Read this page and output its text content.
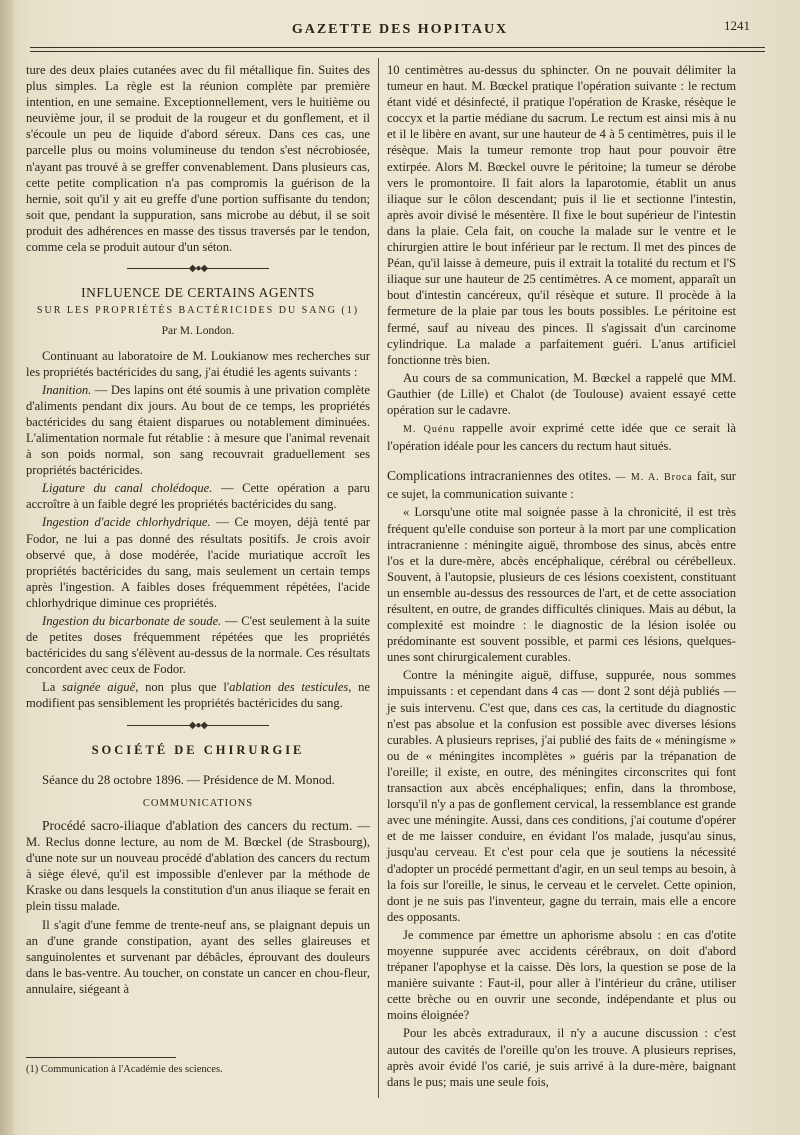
GAZETTE DES HOPITAUX	1241

ture des deux plaies cutanées avec du fil métallique fin. Suites des plus simples. La règle est la réunion complète par première intention, en une semaine. Exceptionnellement, vers le huitième ou neuvième jour, il se produit de la rougeur et du gonflement, et il s'écoule un peu de liquide d'abord séreux. Dans ces cas, une parcelle plus ou moins volumineuse du tendon s'est nécrobiosée, n'ayant pas trouvé à se greffer convenablement. Dans plusieurs cas, cette petite complication n'a pas compromis la guérison de la hernie, soit qu'il y ait eu greffe d'une portion suffisante du tendon; soit que, pendant la suppuration, sans microbe au début, il se soit produit des adhérences en masse des tissus traversés par le tendon, comme cela se produit autour d'un séton.

◆●◆
INFLUENCE DE CERTAINS AGENTS
SUR LES PROPRIÉTÉS BACTÉRICIDES DU SANG (1)
Par M. London.

Continuant au laboratoire de M. Loukianow mes recherches sur les propriétés bactéricides du sang, j'ai étudié les agents suivants :

Inanition. — Des lapins ont été soumis à une privation complète d'aliments pendant dix jours. Au bout de ce temps, les propriétés bactéricides du sang étaient disparues ou notablement diminuées. L'alimentation normale fut rétablie : à mesure que l'animal revenait à son poids normal, son sang recouvrait graduellement ses propriétés bactéricides.

Ligature du canal cholédoque. — Cette opération a paru accroître à un faible degré les propriétés bactéricides du sang.

Ingestion d'acide chlorhydrique. — Ce moyen, déjà tenté par Fodor, ne lui a pas donné des résultats positifs. Je crois avoir observé que, à dose modérée, l'acide muriatique accroît les propriétés bactéricides du sang, mais seulement un certain temps après l'ingestion. A faibles doses fréquemment répétées, l'acide chlorhydrique diminue ces propriétés.

Ingestion du bicarbonate de soude. — C'est seulement à la suite de petites doses fréquemment répétées que les propriétés bactéricides du sang s'élèvent au-dessus de la normale. Ces résultats concordent avec ceux de Fodor.

La saignée aiguë, non plus que l'ablation des testicules, ne modifient pas sensiblement les propriétés bactéricides du sang.

◆●◆
SOCIÉTÉ DE CHIRURGIE

Séance du 28 octobre 1896. — Présidence de M. Monod.

COMMUNICATIONS

Procédé sacro-iliaque d'ablation des cancers du rectum. — M. Reclus donne lecture, au nom de M. Bœckel (de Strasbourg), d'une note sur un nouveau procédé d'ablation des cancers du rectum à siège élevé, qu'il est impossible d'enlever par la méthode de Kraske ou dans lesquels la constitution d'un anus iliaque se ferait en plein tissu malade.

Il s'agit d'une femme de trente-neuf ans, se plaignant depuis un an d'une grande constipation, ayant des selles glaireuses et sanguinolentes et survenant par débâcles, éprouvant des douleurs dans le bas-ventre. Au toucher, on constate un cancer en chou-fleur, annulaire, siégeant à

(1) Communication à l'Académie des sciences.

10 centimètres au-dessus du sphincter. On ne pouvait délimiter la tumeur en haut. M. Bœckel pratique l'opération suivante : le rectum étant vidé et désinfecté, il pratique l'opération de Kraske, résèque le coccyx et la partie médiane du sacrum. Le rectum est ainsi mis à nu et il le libère en avant, sur une hauteur de 4 à 5 centimètres, puis il le résèque. Mais la tumeur remonte trop haut pour pouvoir être extirpée. Alors M. Bœckel ouvre le péritoine; la tumeur se dérobe vers le promontoire. Il fait alors la laparotomie, établit un anus iliaque sur le côlon descendant; puis il lie et sectionne l'intestin, après avoir divisé le mésentère. Il fixe le bout supérieur de l'intestin dans la plaie. Cela fait, on couche la malade sur le ventre et le chirurgien attire le bout inférieur par le rectum. Il met des pinces de Péan, qu'il laisse à demeure, puis il extrait la totalité du rectum et l'S iliaque sur une hauteur de 25 centimètres. A ce moment, apparaît un bout d'intestin cancéreux, qu'il résèque et suture. Il procède à la fermeture de la plaie par tous les bouts possibles. Le péritoine est fermé, sauf au niveau des pinces. Il s'agissait d'un carcinome cylindrique. La malade a parfaitement guéri. L'anus artificiel fonctionne très bien.

Au cours de sa communication, M. Bœckel a rappelé que MM. Gauthier (de Lille) et Chalot (de Toulouse) avaient essayé cette opération sur le cadavre.

M. Quénu rappelle avoir exprimé cette idée que ce serait là l'opération idéale pour les cancers du rectum haut situés.

Complications intracraniennes des otites. — M. A. Broca fait, sur ce sujet, la communication suivante :

« Lorsqu'une otite mal soignée passe à la chronicité, il est très fréquent qu'elle conduise son porteur à la mort par une complication intracranienne : méningite aiguë, thrombose des sinus, abcès entre l'os et la dure-mère, abcès encéphalique, cérébral ou cérébelleux. Souvent, à l'autopsie, plusieurs de ces lésions coexistent, constituant un ensemble au-dessus des ressources de l'art, et de cette association résultent, en outre, de grandes difficultés cliniques. Mais au début, la complexité est moindre : le diagnostic de la lésion isolée ou prédominante est souvent possible, et parmi ces lésions, quelques-unes sont chirurgicalement curables.

Contre la méningite aiguë, diffuse, suppurée, nous sommes impuissants : et cependant dans 4 cas — dont 2 sont déjà publiés — je suis intervenu. C'est que, dans ces cas, la certitude du diagnostic n'est pas absolue et la confusion est possible avec diverses lésions curables. A plusieurs reprises, j'ai publié des faits de « méningisme » ou de « méningites incomplètes » guéris par la trépanation de l'oreille; il existe, en outre, des méningites circonscrites qui font transaction aux abcès encéphaliques; enfin, dans la thrombose, lorsqu'il n'y a pas de gonflement cervical, la ressemblance est grande avec une méningite. Aussi, dans ces conditions, j'ai coutume d'opérer et de me laisser conduire, en évidant l'os malade, jusqu'au sinus, jusqu'au cerveau. Et c'est pour cela que je soutiens la nécessité d'adopter un procédé permettant d'agir, en un seul temps au besoin, à la fois sur l'oreille, le sinus, le cerveau et le cervelet. Cette opinion, dont je ne suis pas l'inventeur, gagne du terrain, mais elle a encore des opposants.

Je commence par émettre un aphorisme absolu : en cas d'otite moyenne suppurée avec accidents cérébraux, on doit d'abord trépaner l'apophyse et la caisse. Dès lors, la question se pose de la manière suivante : Faut-il, pour aller à l'intérieur du crâne, utiliser cette brèche ou en ouvrir une seconde, indépendante et plus ou moins éloignée?

Pour les abcès extraduraux, il n'y a aucune discussion : c'est autour des cavités de l'oreille qu'on les trouve. A plusieurs reprises, après avoir évidé l'os carié, je suis arrivé à la dure-mère, baignant dans le pus; mais une seule fois,
